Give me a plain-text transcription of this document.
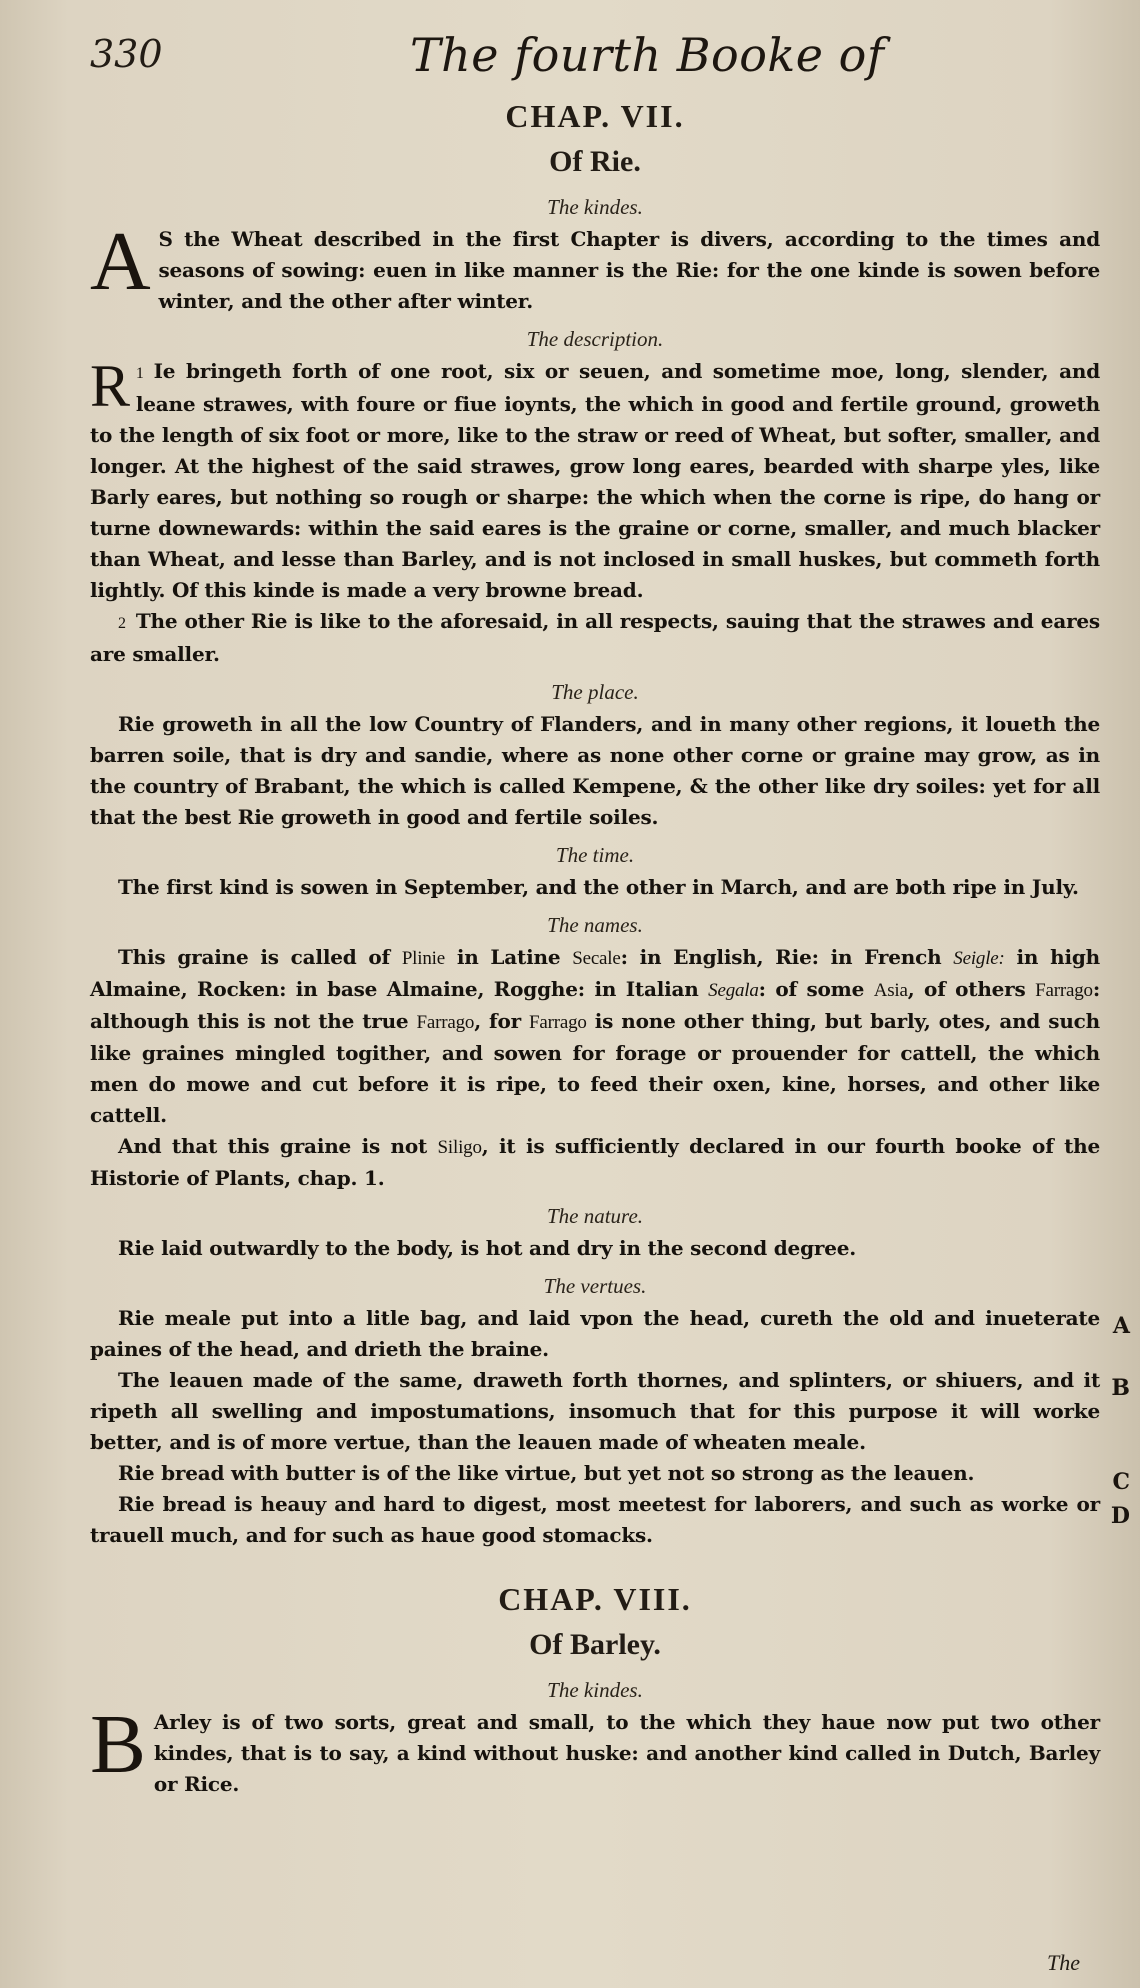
330	The fourth Booke of
CHAP. VII.
Of Rie.
The kindes.

A S the Wheat described in the first Chapter is divers, according to the times and seasons of sowing: euen in like manner is the Rie: for the one kinde is sowen before winter, and the other after winter.

The description.

1
R Ie bringeth forth of one root, six or seuen, and sometime moe, long, slender, and leane strawes, with foure or fiue ioynts, the which in good and fertile ground, groweth to the length of six foot or more, like to the straw or reed of Wheat, but softer, smaller, and longer. At the highest of the said strawes, grow long eares, bearded with sharpe yles, like Barly eares, but nothing so rough or sharpe: the which when the corne is ripe, do hang or turne downewards: within the said eares is the graine or corne, smaller, and much blacker than Wheat, and lesse than Barley, and is not inclosed in small huskes, but commeth forth lightly. Of this kinde is made a very browne bread.

2 The other Rie is like to the aforesaid, in all respects, sauing that the strawes and eares are smaller.

The place.

Rie groweth in all the low Country of Flanders, and in many other regions, it loueth the barren soile, that is dry and sandie, where as none other corne or graine may grow, as in the country of Brabant, the which is called Kempene, & the other like dry soiles: yet for all that the best Rie groweth in good and fertile soiles.

The time.

The first kind is sowen in September, and the other in March, and are both ripe in July.

The names.

This graine is called of Plinie in Latine Secale: in English, Rie: in French Seigle: in high Almaine, Rocken: in base Almaine, Rogghe: in Italian Segala: of some Asia, of others Farrago: although this is not the true Farrago, for Farrago is none other thing, but barly, otes, and such like graines mingled togither, and sowen for forage or prouender for cattell, the which men do mowe and cut before it is ripe, to feed their oxen, kine, horses, and other like cattell.

And that this graine is not Siligo, it is sufficiently declared in our fourth booke of the Historie of Plants, chap. 1.

The nature.

Rie laid outwardly to the body, is hot and dry in the second degree.

The vertues.
A
B
C
D

Rie meale put into a litle bag, and laid vpon the head, cureth the old and inueterate paines of the head, and drieth the braine.

The leauen made of the same, draweth forth thornes, and splinters, or shiuers, and it ripeth all swelling and impostumations, insomuch that for this purpose it will worke better, and is of more vertue, than the leauen made of wheaten meale.

Rie bread with butter is of the like virtue, but yet not so strong as the leauen.

Rie bread is heauy and hard to digest, most meetest for laborers, and such as worke or trauell much, and for such as haue good stomacks.

CHAP. VIII.
Of Barley.
The kindes.

B Arley is of two sorts, great and small, to the which they haue now put two other kindes, that is to say, a kind without huske: and another kind called in Dutch, Barley or Rice.

The
